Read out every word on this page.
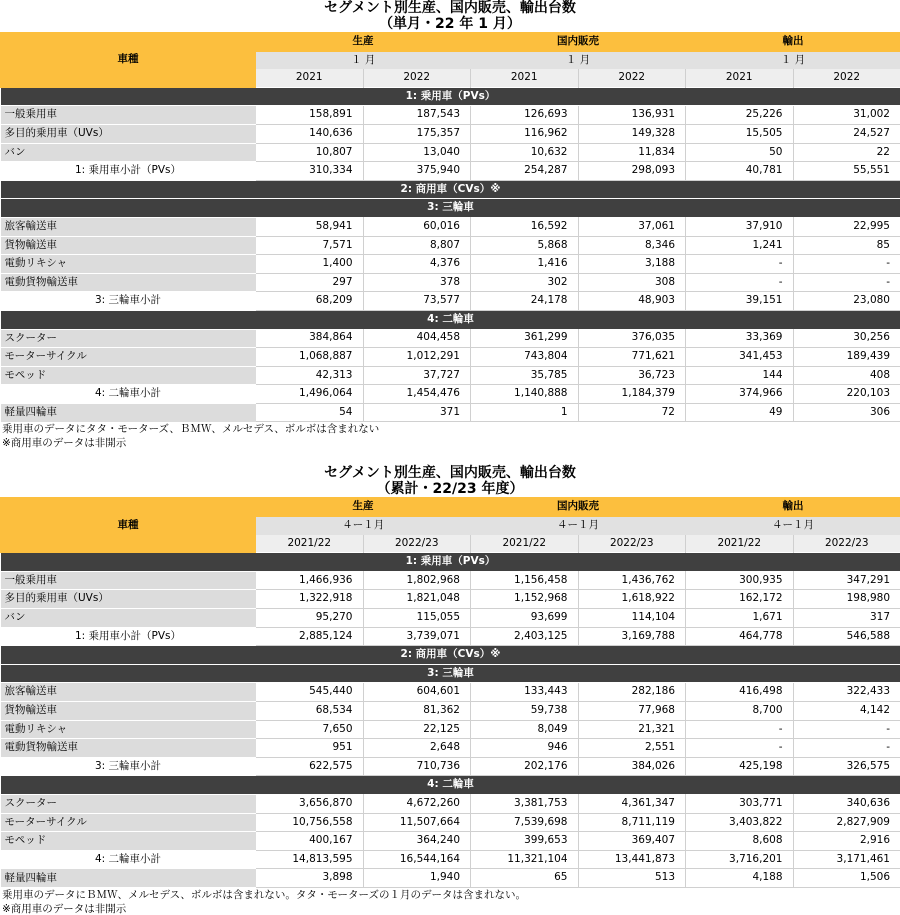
セグメント別生産、国内販売、輸出台数
（単月・22 年 1 月）
車種	生産		国内販売		輸出	
	１ 月		１ 月		１ 月	
	2021	2022	2021	2022	2021	2022
1: 乗用車（PVs）						
一般乗用車	158,891	187,543	126,693	136,931	25,226	31,002
多目的乗用車（UVs）	140,636	175,357	116,962	149,328	15,505	24,527
バン	10,807	13,040	10,632	11,834	50	22
1: 乗用車小計（PVs）	310,334	375,940	254,287	298,093	40,781	55,551
2: 商用車（CVs）※						
3: 三輪車						
旅客輸送車	58,941	60,016	16,592	37,061	37,910	22,995
貨物輸送車	7,571	8,807	5,868	8,346	1,241	85
電動リキシャ	1,400	4,376	1,416	3,188	-	-
電動貨物輸送車	297	378	302	308	-	-
3: 三輪車小計	68,209	73,577	24,178	48,903	39,151	23,080
4: 二輪車						
スクーター	384,864	404,458	361,299	376,035	33,369	30,256
モーターサイクル	1,068,887	1,012,291	743,804	771,621	341,453	189,439
モペッド	42,313	37,727	35,785	36,723	144	408
4: 二輪車小計	1,496,064	1,454,476	1,140,888	1,184,379	374,966	220,103
軽量四輪車	54	371	1	72	49	306
乗用車のデータにタタ・モーターズ、ＢＭＷ、メルセデス、ボルボは含まれない
※商用車のデータは非開示
セグメント別生産、国内販売、輸出台数
（累計・22/23 年度）
車種	生産		国内販売		輸出	
	４ー１月		４ー１月		４ー１月	
	2021/22	2022/23	2021/22	2022/23	2021/22	2022/23
1: 乗用車（PVs）						
一般乗用車	1,466,936	1,802,968	1,156,458	1,436,762	300,935	347,291
多目的乗用車（UVs）	1,322,918	1,821,048	1,152,968	1,618,922	162,172	198,980
バン	95,270	115,055	93,699	114,104	1,671	317
1: 乗用車小計（PVs）	2,885,124	3,739,071	2,403,125	3,169,788	464,778	546,588
2: 商用車（CVs）※						
3: 三輪車						
旅客輸送車	545,440	604,601	133,443	282,186	416,498	322,433
貨物輸送車	68,534	81,362	59,738	77,968	8,700	4,142
電動リキシャ	7,650	22,125	8,049	21,321	-	-
電動貨物輸送車	951	2,648	946	2,551	-	-
3: 三輪車小計	622,575	710,736	202,176	384,026	425,198	326,575
4: 二輪車						
スクーター	3,656,870	4,672,260	3,381,753	4,361,347	303,771	340,636
モーターサイクル	10,756,558	11,507,664	7,539,698	8,711,119	3,403,822	2,827,909
モペッド	400,167	364,240	399,653	369,407	8,608	2,916
4: 二輪車小計	14,813,595	16,544,164	11,321,104	13,441,873	3,716,201	3,171,461
軽量四輪車	3,898	1,940	65	513	4,188	1,506
乗用車のデータにＢＭＷ、メルセデス、ボルボは含まれない。タタ・モーターズの１月のデータは含まれない。
※商用車のデータは非開示
